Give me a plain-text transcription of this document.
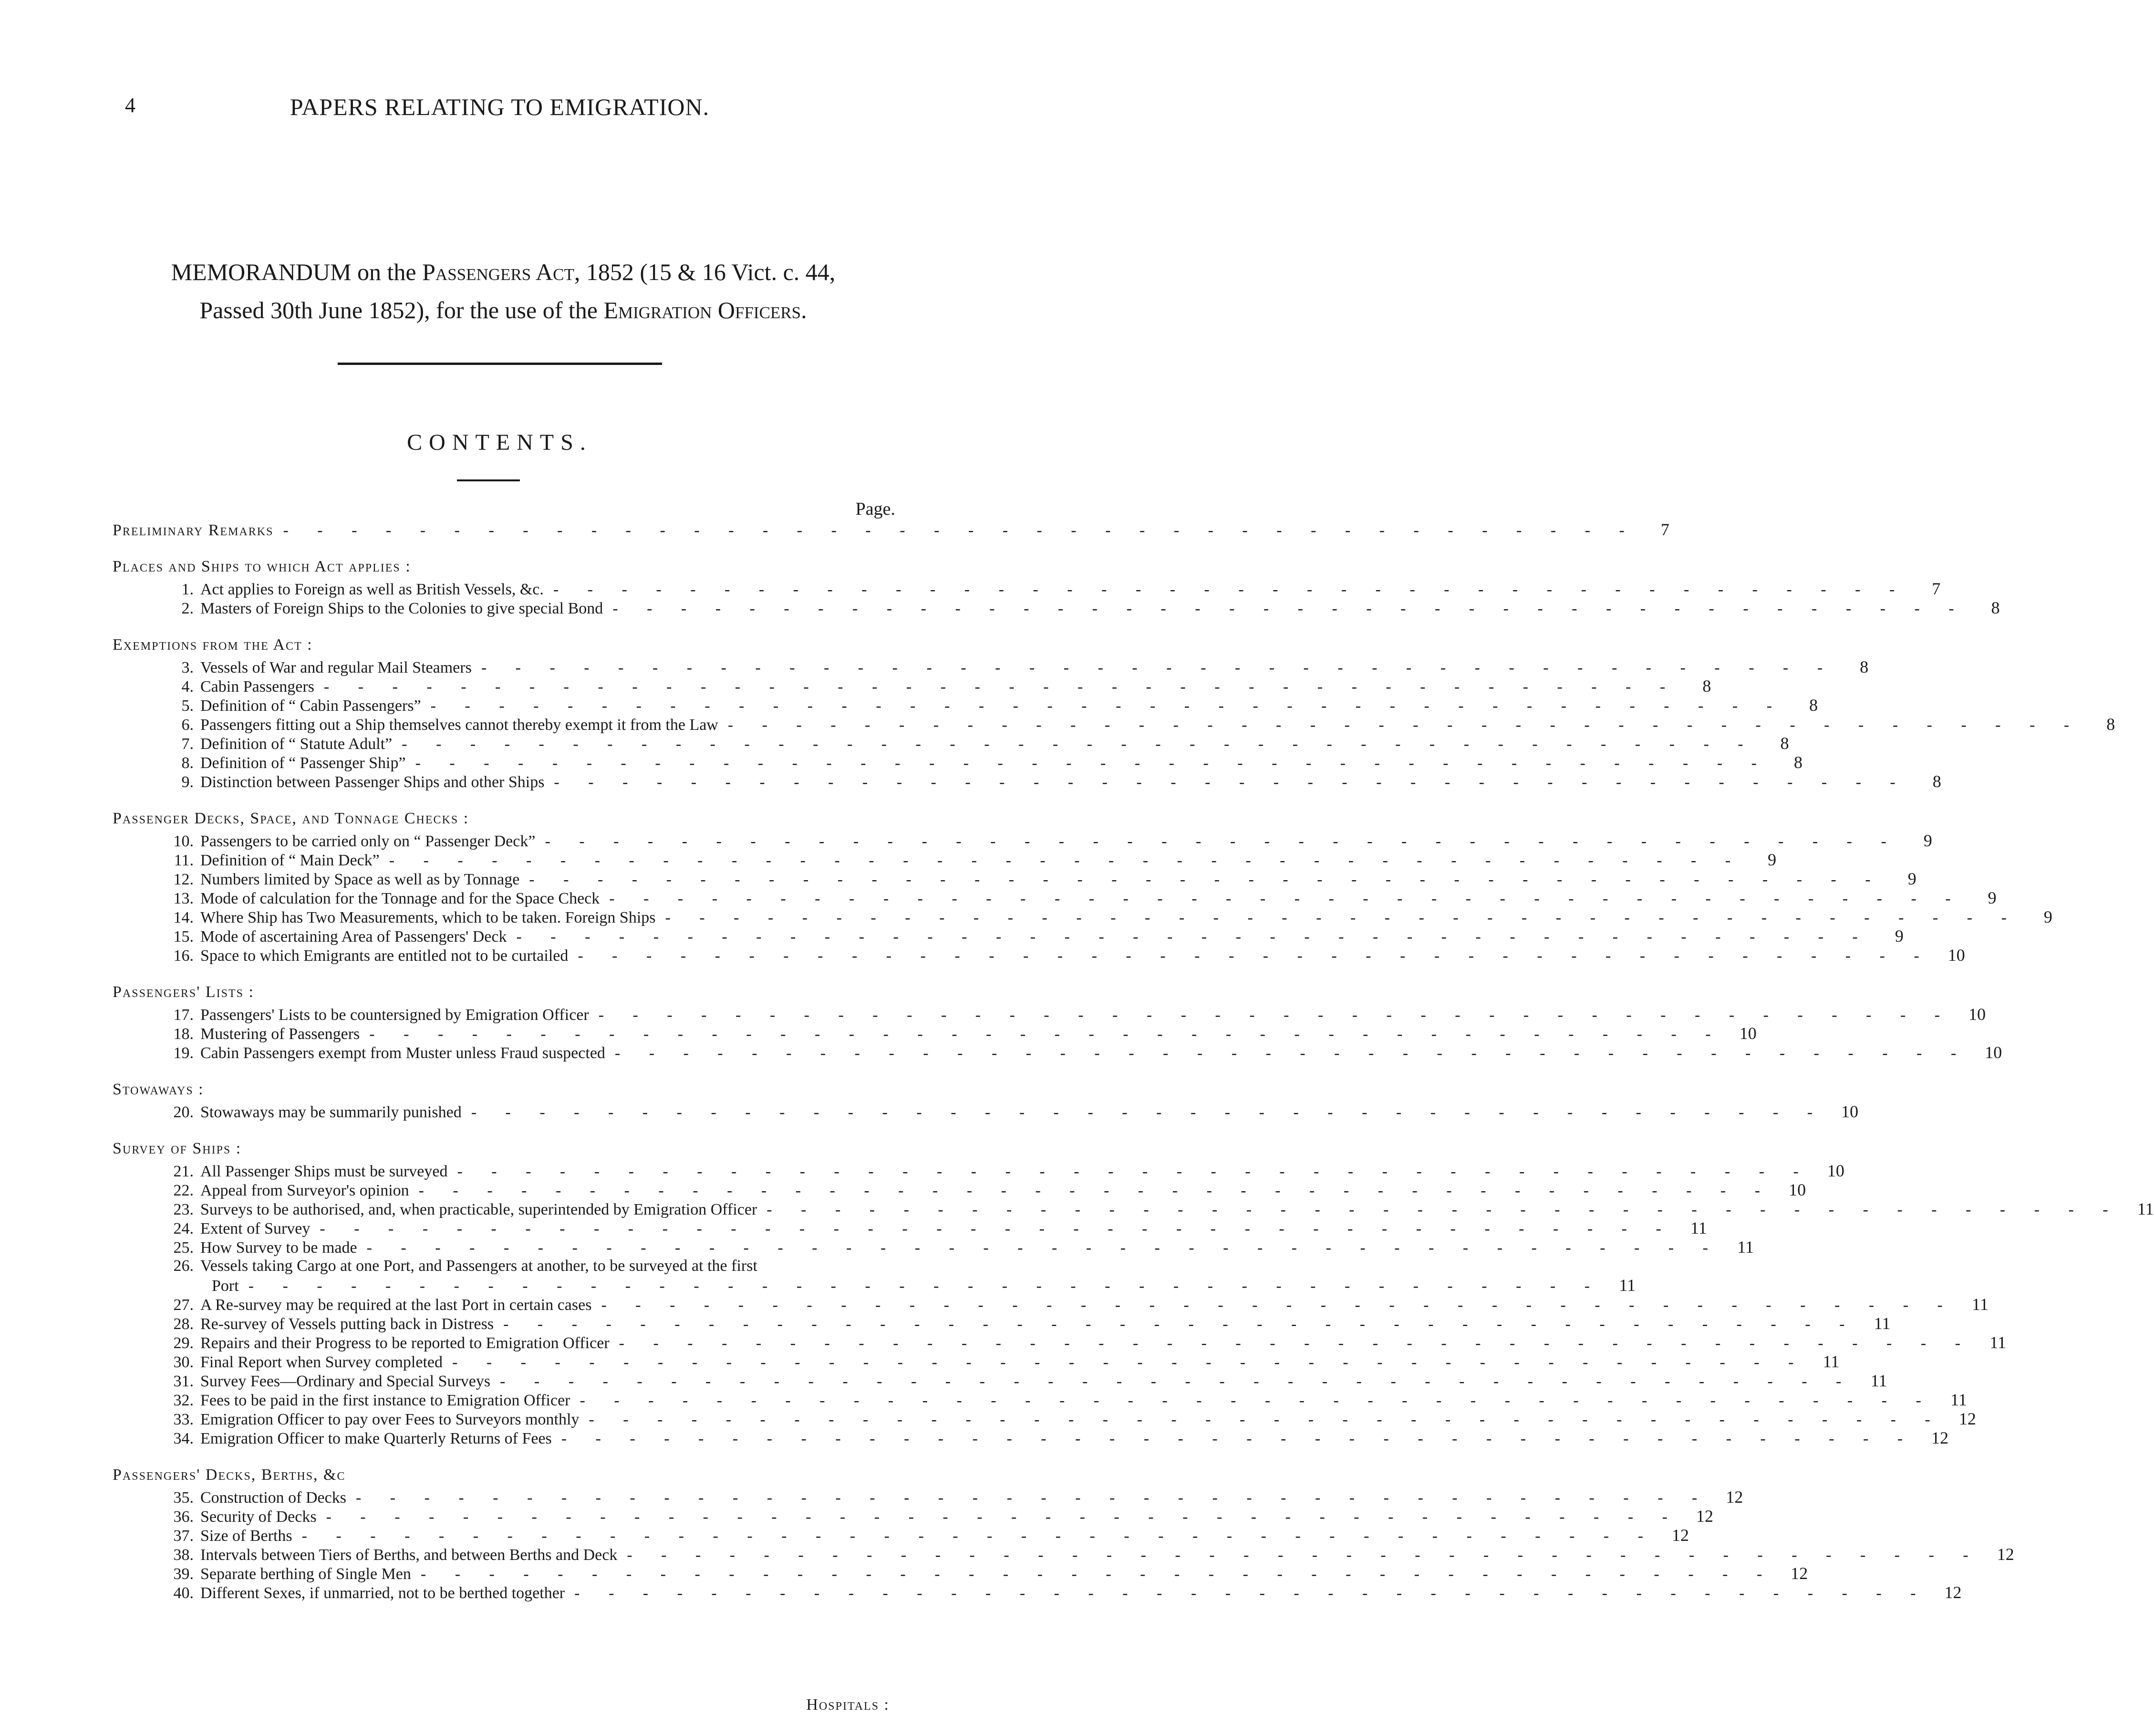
4	PAPERS RELATING TO EMIGRATION.
MEMORANDUM on the Passengers Act, 1852 (15 & 16 Vict. c. 44,
Passed 30th June 1852), for the use of the Emigration Officers.
CONTENTS.
Page.
Preliminary Remarks - - - - - - - - - - - - - - - - - - - - - - - - - - - - - - - - - - - - - - - -	7
Places and Ships to which Act applies :
1. Act applies to Foreign as well as British Vessels, &c. - - - - - - - - - - - - - - - - - - - - - - - - - - - - - - - - - - - - - - - -	7
2. Masters of Foreign Ships to the Colonies to give special Bond - - - - - - - - - - - - - - - - - - - - - - - - - - - - - - - - - - - - - - - -	8
Exemptions from the Act :
3. Vessels of War and regular Mail Steamers - - - - - - - - - - - - - - - - - - - - - - - - - - - - - - - - - - - - - - - -	8
4. Cabin Passengers - - - - - - - - - - - - - - - - - - - - - - - - - - - - - - - - - - - - - - - -	8
5. Definition of “ Cabin Passengers” - - - - - - - - - - - - - - - - - - - - - - - - - - - - - - - - - - - - - - - -	8
6. Passengers fitting out a Ship themselves cannot thereby exempt it from the Law - - - - - - - - - - - - - - - - - - - - - - - - - - - - - - - - - - - - - - - -	8
7. Definition of “ Statute Adult” - - - - - - - - - - - - - - - - - - - - - - - - - - - - - - - - - - - - - - - -	8
8. Definition of “ Passenger Ship” - - - - - - - - - - - - - - - - - - - - - - - - - - - - - - - - - - - - - - - -	8
9. Distinction between Passenger Ships and other Ships - - - - - - - - - - - - - - - - - - - - - - - - - - - - - - - - - - - - - - - -	8
Passenger Decks, Space, and Tonnage Checks :
10. Passengers to be carried only on “ Passenger Deck” - - - - - - - - - - - - - - - - - - - - - - - - - - - - - - - - - - - - - - - -	9
11. Definition of “ Main Deck” - - - - - - - - - - - - - - - - - - - - - - - - - - - - - - - - - - - - - - - -	9
12. Numbers limited by Space as well as by Tonnage - - - - - - - - - - - - - - - - - - - - - - - - - - - - - - - - - - - - - - - -	9
13. Mode of calculation for the Tonnage and for the Space Check - - - - - - - - - - - - - - - - - - - - - - - - - - - - - - - - - - - - - - - -	9
14. Where Ship has Two Measurements, which to be taken. Foreign Ships - - - - - - - - - - - - - - - - - - - - - - - - - - - - - - - - - - - - - - - -	9
15. Mode of ascertaining Area of Passengers' Deck - - - - - - - - - - - - - - - - - - - - - - - - - - - - - - - - - - - - - - - -	9
16. Space to which Emigrants are entitled not to be curtailed - - - - - - - - - - - - - - - - - - - - - - - - - - - - - - - - - - - - - - - - 10
Passengers' Lists :
17. Passengers' Lists to be countersigned by Emigration Officer - - - - - - - - - - - - - - - - - - - - - - - - - - - - - - - - - - - - - - - - 10
18. Mustering of Passengers - - - - - - - - - - - - - - - - - - - - - - - - - - - - - - - - - - - - - - - - 10
19. Cabin Passengers exempt from Muster unless Fraud suspected - - - - - - - - - - - - - - - - - - - - - - - - - - - - - - - - - - - - - - - - 10
Stowaways :
20. Stowaways may be summarily punished - - - - - - - - - - - - - - - - - - - - - - - - - - - - - - - - - - - - - - - - 10
Survey of Ships :
21. All Passenger Ships must be surveyed - - - - - - - - - - - - - - - - - - - - - - - - - - - - - - - - - - - - - - - - 10
22. Appeal from Surveyor's opinion - - - - - - - - - - - - - - - - - - - - - - - - - - - - - - - - - - - - - - - - 10
23. Surveys to be authorised, and, when practicable, superintended by Emigration Officer - - - - - - - - - - - - - - - - - - - - - - - - - - - - - - - - - - - - - - - - 11
24. Extent of Survey - - - - - - - - - - - - - - - - - - - - - - - - - - - - - - - - - - - - - - - - 11
25. How Survey to be made - - - - - - - - - - - - - - - - - - - - - - - - - - - - - - - - - - - - - - - - 11
26. Vessels taking Cargo at one Port, and Passengers at another, to be surveyed at the first
Port - - - - - - - - - - - - - - - - - - - - - - - - - - - - - - - - - - - - - - - - 11
27. A Re-survey may be required at the last Port in certain cases - - - - - - - - - - - - - - - - - - - - - - - - - - - - - - - - - - - - - - - - 11
28. Re-survey of Vessels putting back in Distress - - - - - - - - - - - - - - - - - - - - - - - - - - - - - - - - - - - - - - - - 11
29. Repairs and their Progress to be reported to Emigration Officer - - - - - - - - - - - - - - - - - - - - - - - - - - - - - - - - - - - - - - - - 11
30. Final Report when Survey completed - - - - - - - - - - - - - - - - - - - - - - - - - - - - - - - - - - - - - - - - 11
31. Survey Fees—Ordinary and Special Surveys - - - - - - - - - - - - - - - - - - - - - - - - - - - - - - - - - - - - - - - - 11
32. Fees to be paid in the first instance to Emigration Officer - - - - - - - - - - - - - - - - - - - - - - - - - - - - - - - - - - - - - - - - 11
33. Emigration Officer to pay over Fees to Surveyors monthly - - - - - - - - - - - - - - - - - - - - - - - - - - - - - - - - - - - - - - - - 12
34. Emigration Officer to make Quarterly Returns of Fees - - - - - - - - - - - - - - - - - - - - - - - - - - - - - - - - - - - - - - - - 12
Passengers' Decks, Berths, &c
35. Construction of Decks - - - - - - - - - - - - - - - - - - - - - - - - - - - - - - - - - - - - - - - - 12
36. Security of Decks - - - - - - - - - - - - - - - - - - - - - - - - - - - - - - - - - - - - - - - - 12
37. Size of Berths - - - - - - - - - - - - - - - - - - - - - - - - - - - - - - - - - - - - - - - - 12
38. Intervals between Tiers of Berths, and between Berths and Deck - - - - - - - - - - - - - - - - - - - - - - - - - - - - - - - - - - - - - - - - 12
39. Separate berthing of Single Men - - - - - - - - - - - - - - - - - - - - - - - - - - - - - - - - - - - - - - - - 12
40. Different Sexes, if unmarried, not to be berthed together - - - - - - - - - - - - - - - - - - - - - - - - - - - - - - - - - - - - - - - - 12
Hospitals :
